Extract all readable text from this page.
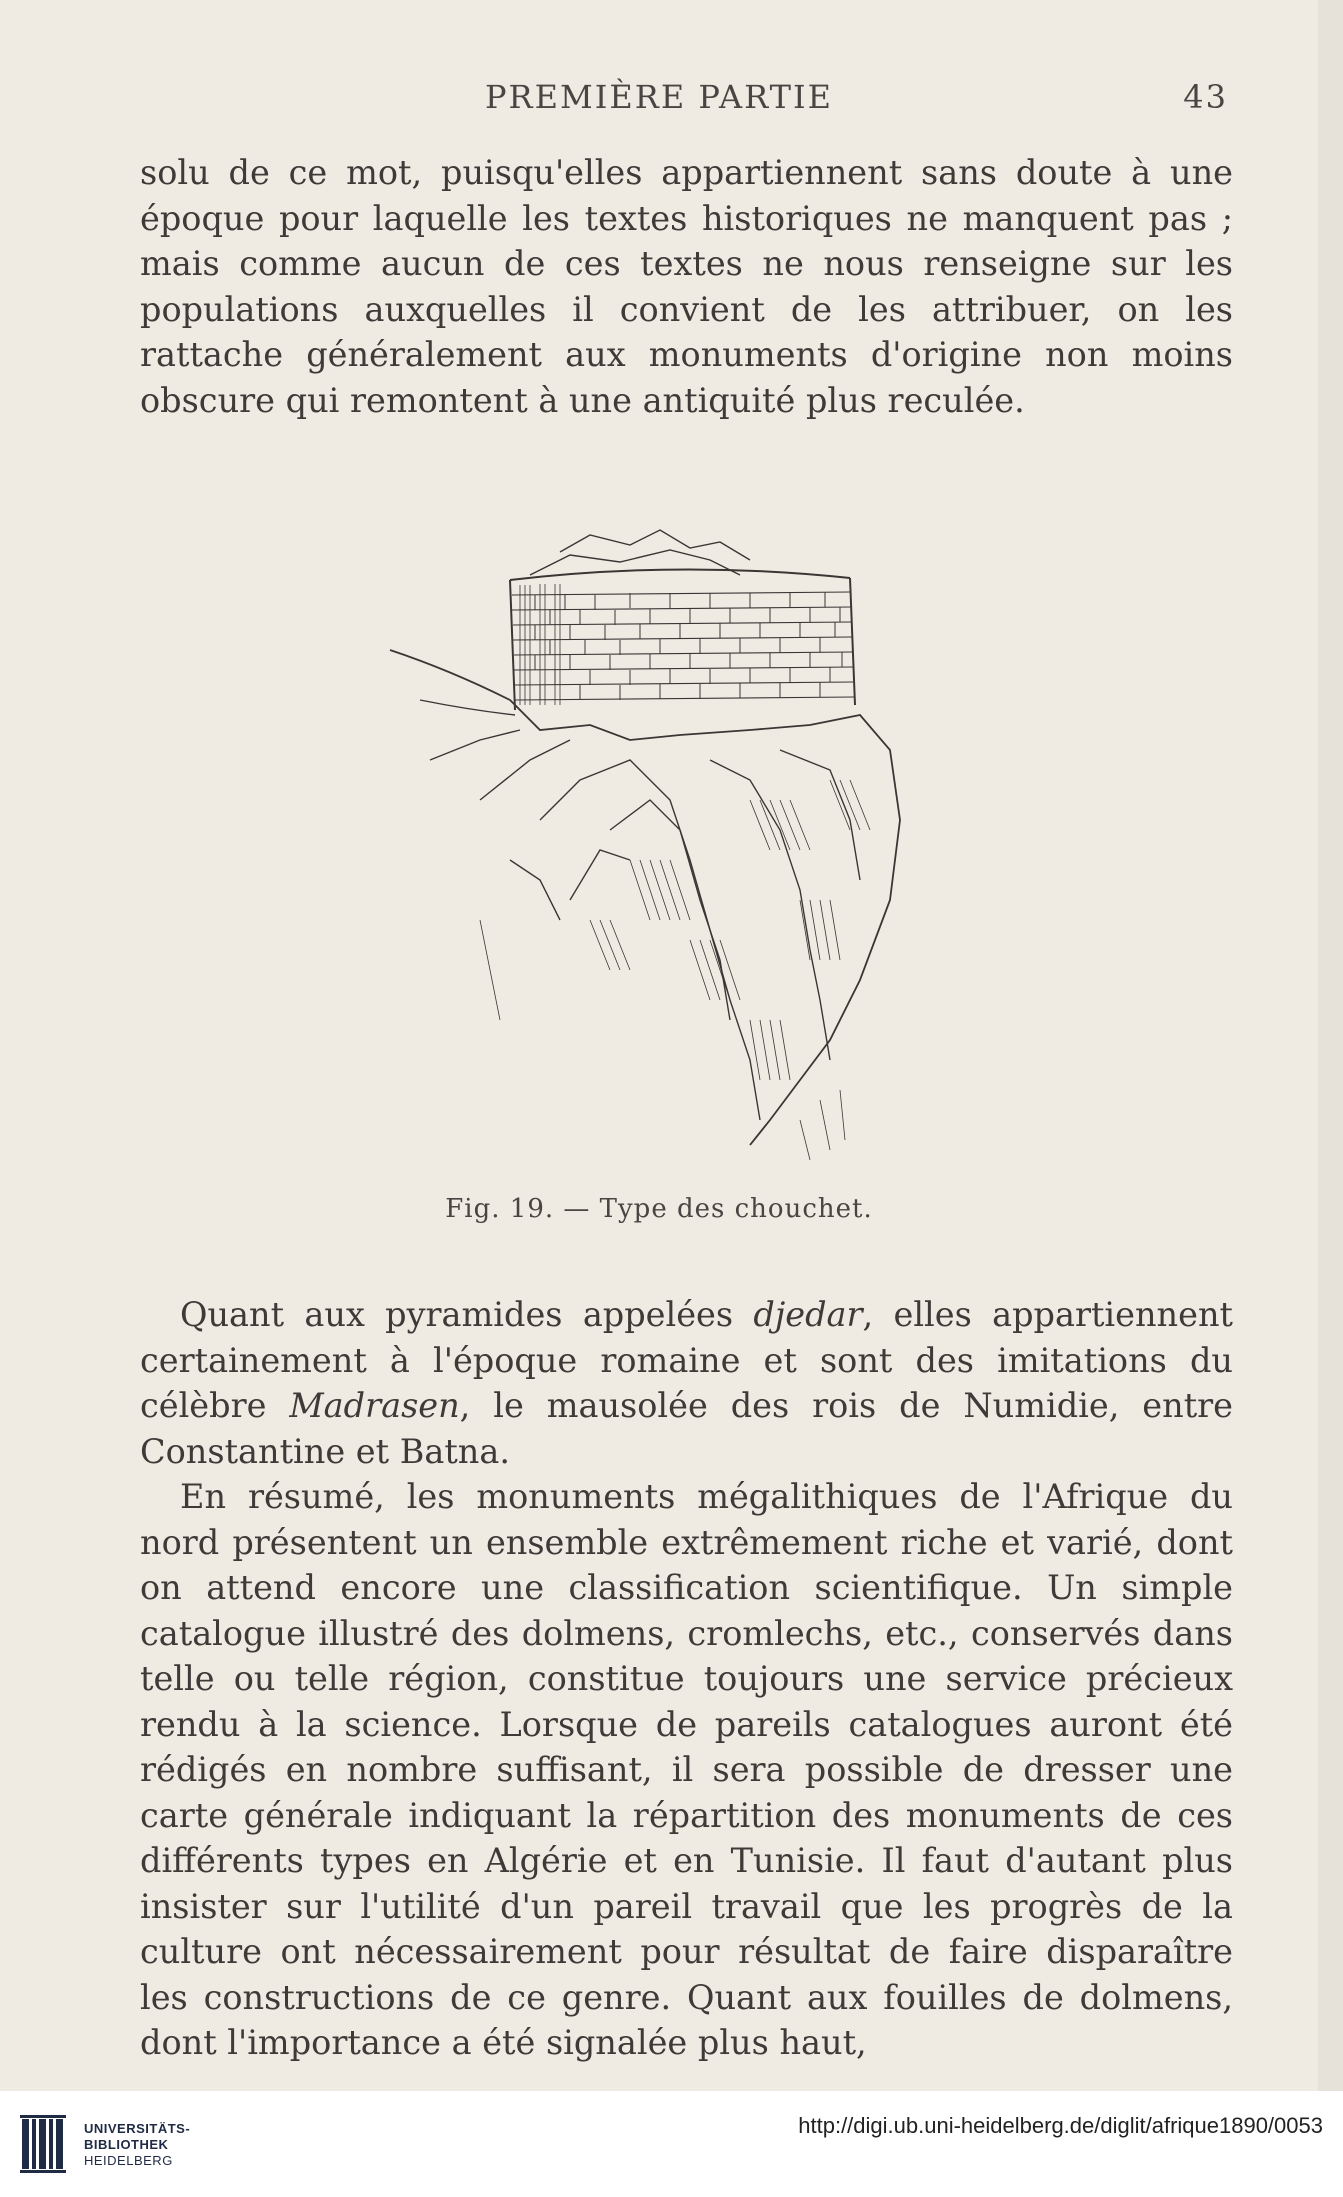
PREMIÈRE PARTIE	43

solu de ce mot, puisqu'elles appartiennent sans doute à une époque pour laquelle les textes historiques ne manquent pas ; mais comme aucun de ces textes ne nous renseigne sur les populations auxquelles il convient de les attribuer, on les rattache généralement aux monuments d'origine non moins obscure qui remontent à une antiquité plus reculée.

Fig. 19. — Type des chouchet.

Quant aux pyramides appelées djedar, elles appartiennent certainement à l'époque romaine et sont des imitations du célèbre Madrasen, le mausolée des rois de Numidie, entre Constantine et Batna.

En résumé, les monuments mégalithiques de l'Afrique du nord présentent un ensemble extrêmement riche et varié, dont on attend encore une classification scientifique. Un simple catalogue illustré des dolmens, cromlechs, etc., conservés dans telle ou telle région, constitue toujours une service précieux rendu à la science. Lorsque de pareils catalogues auront été rédigés en nombre suffisant, il sera possible de dresser une carte générale indiquant la répartition des monuments de ces différents types en Algérie et en Tunisie. Il faut d'autant plus insister sur l'utilité d'un pareil travail que les progrès de la culture ont nécessairement pour résultat de faire disparaître les constructions de ce genre. Quant aux fouilles de dolmens, dont l'importance a été signalée plus haut,

UNIVERSITÄTS-
BIBLIOTHEK
HEIDELBERG
http://digi.ub.uni-heidelberg.de/diglit/afrique1890/0053
